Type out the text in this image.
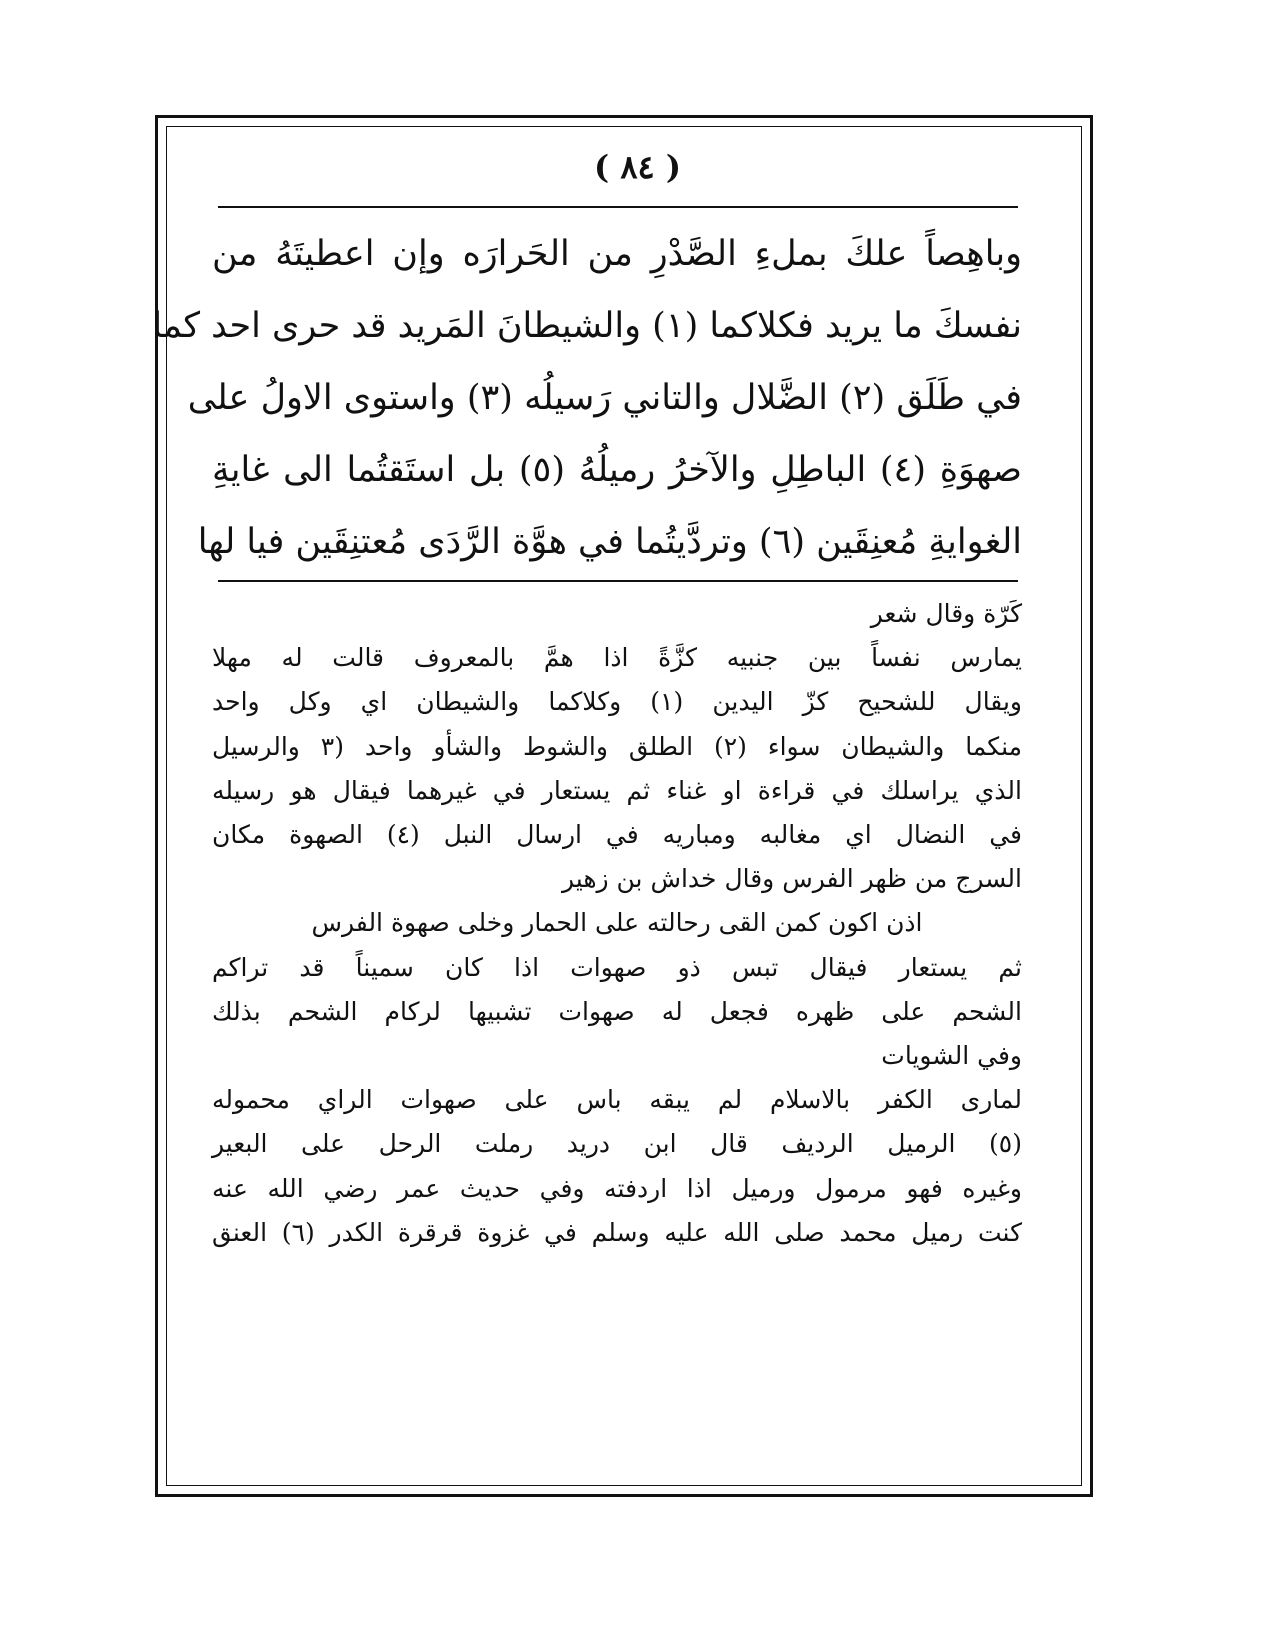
( ٨٤ )
وباهِصاً علكَ بملءِ الصَّدْرِ من الحَرارَه وإن اعطيتَهُ من
نفسكَ ما يريد فكلاكما (١) والشيطانَ المَريد قد حرى احد كما
في طَلَق (٢) الضَّلال والتاني رَسيلُه (٣) واستوى الاولُ على
صهوَةِ (٤) الباطِلِ والآخرُ رميلُهُ (٥) بل استَقتُما الى غايةِ
الغوايةِ مُعنِقَين (٦) وتردَّيتُما في هوَّة الرَّدَى مُعتنِقَين فيا لها
كَرّة وقال شعر
يمارس نفساً بين جنبيه كزَّةً اذا همَّ بالمعروف قالت له مهلا
ويقال للشحيح كزّ اليدين (١) وكلاكما والشيطان اي وكل واحد
منكما والشيطان سواء (٢) الطلق والشوط والشأو واحد (٣ والرسيل
الذي يراسلك في قراءة او غناء ثم يستعار في غيرهما فيقال هو رسيله
في النضال اي مغالبه ومباريه في ارسال النبل (٤) الصهوة مكان
السرج من ظهر الفرس وقال خداش بن زهير
اذن اكون كمن القى رحالته على الحمار وخلى صهوة الفرس
ثم يستعار فيقال تبس ذو صهوات اذا كان سميناً قد تراكم
الشحم على ظهره فجعل له صهوات تشبيها لركام الشحم بذلك
وفي الشويات
لمارى الكفر بالاسلام لم يبقه باس على صهوات الراي محموله
(٥) الرميل الرديف قال ابن دريد رملت الرحل على البعير
وغيره فهو مرمول ورميل اذا اردفته وفي حديث عمر رضي الله عنه
كنت رميل محمد صلى الله عليه وسلم في غزوة قرقرة الكدر (٦) العنق
